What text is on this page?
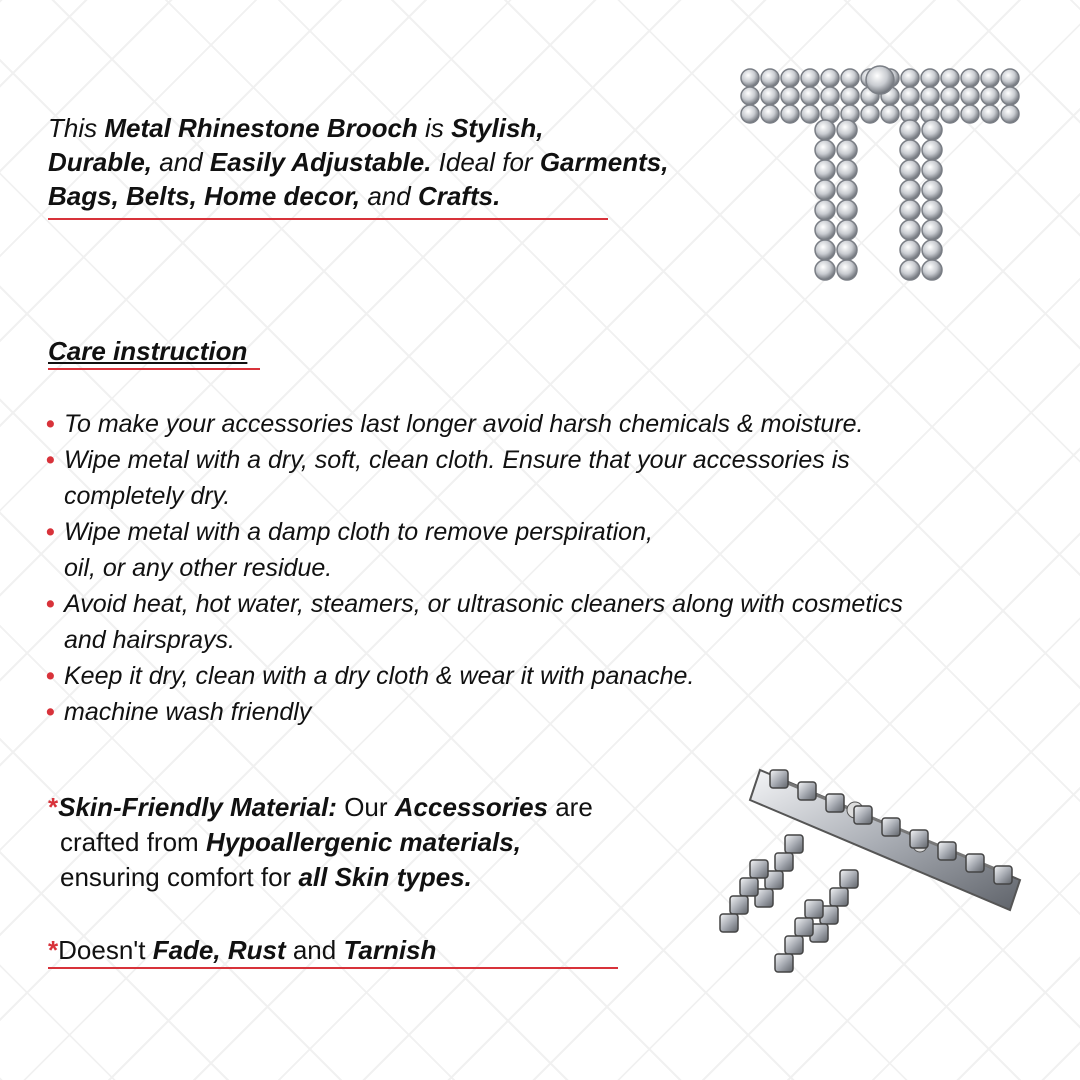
This Metal Rhinestone Brooch is Stylish,
Durable, and Easily Adjustable. Ideal for Garments,
Bags, Belts, Home decor, and Crafts.
Care instruction
• To make your accessories last longer avoid harsh chemicals & moisture.
• Wipe metal with a dry, soft, clean cloth. Ensure that your accessories is
completely dry.
• Wipe metal with a damp cloth to remove perspiration,
oil, or any other residue.
• Avoid heat, hot water, steamers, or ultrasonic cleaners along with cosmetics
and hairsprays.
• Keep it dry, clean with a dry cloth & wear it with panache.
• machine wash friendly
*Skin-Friendly Material: Our Accessories are
crafted from Hypoallergenic materials,
ensuring comfort for all Skin types.
*Doesn't Fade, Rust and Tarnish
